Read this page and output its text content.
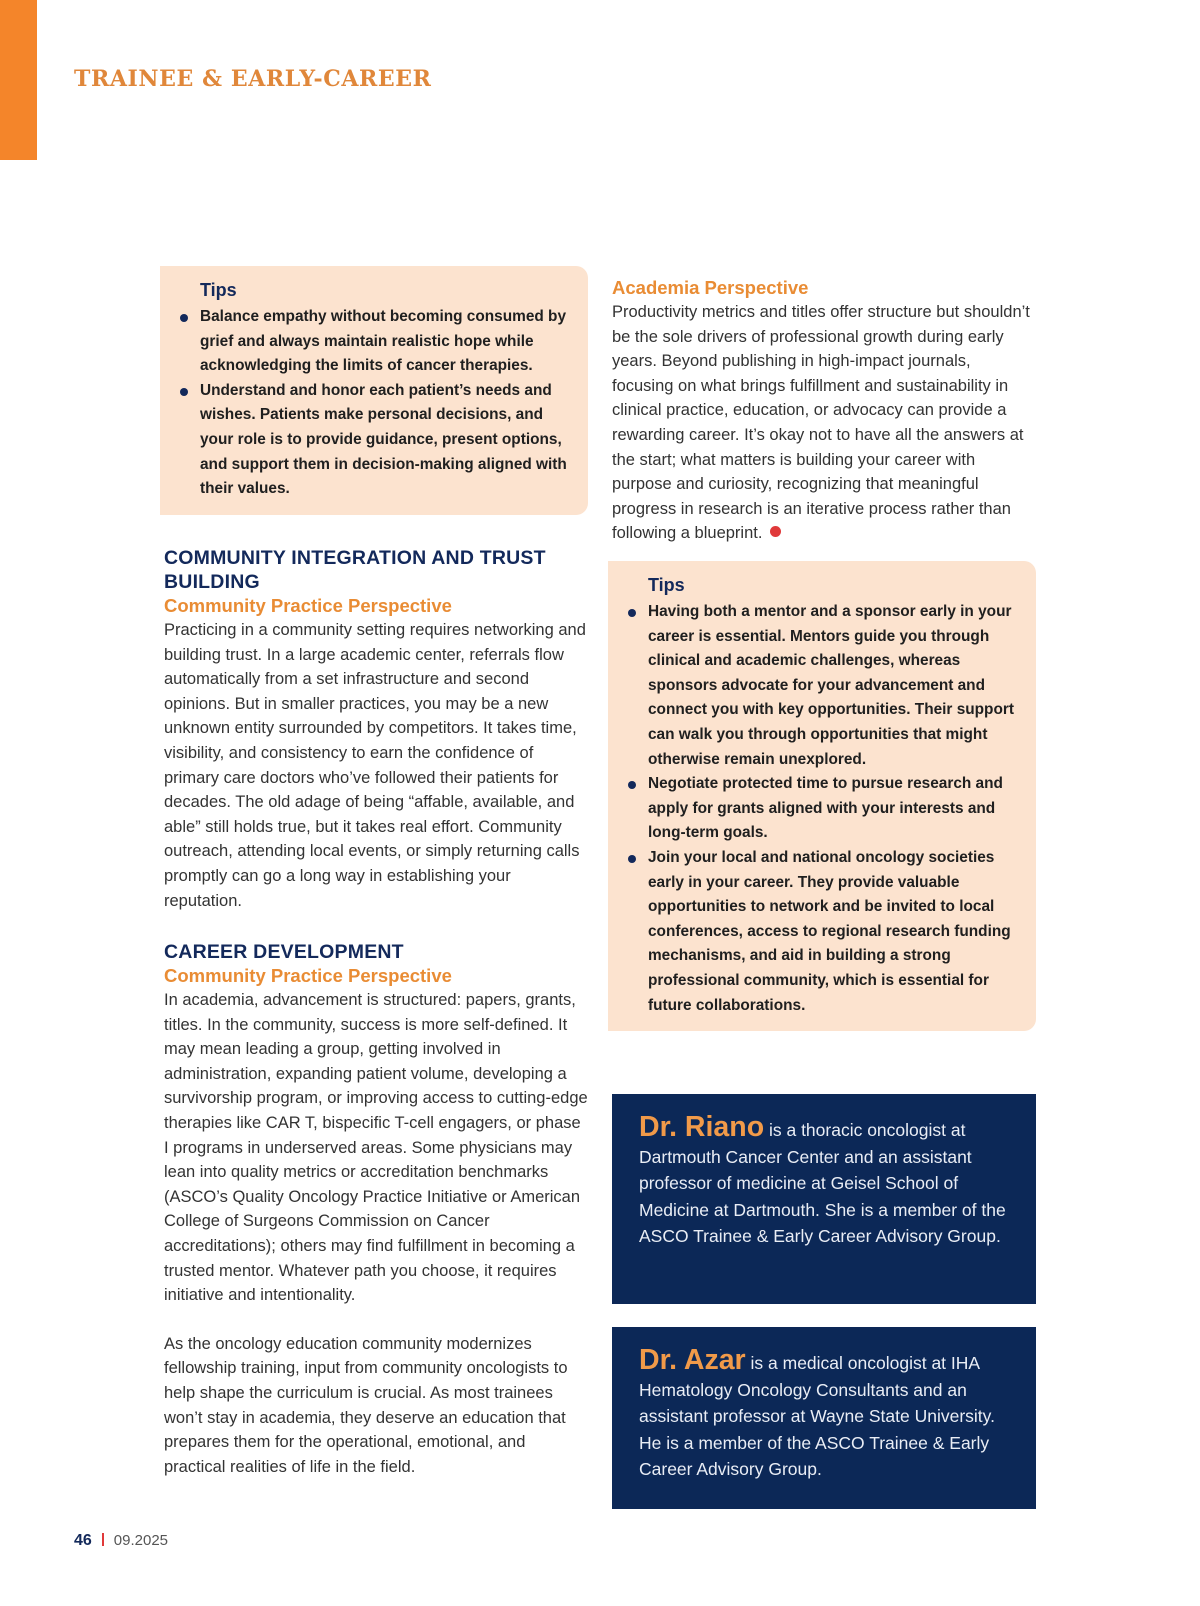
TRAINEE & EARLY-CAREER
Tips
Balance empathy without becoming consumed by grief and always maintain realistic hope while acknowledging the limits of cancer therapies.
Understand and honor each patient’s needs and wishes. Patients make personal decisions, and your role is to provide guidance, present options, and support them in decision-making aligned with their values.
COMMUNITY INTEGRATION AND TRUST BUILDING
Community Practice Perspective

Practicing in a community setting requires networking and building trust. In a large academic center, referrals flow automatically from a set infrastructure and second opinions. But in smaller practices, you may be a new unknown entity surrounded by competitors. It takes time, visibility, and consistency to earn the confidence of primary care doctors who’ve followed their patients for decades. The old adage of being “affable, available, and able” still holds true, but it takes real effort. Community outreach, attending local events, or simply returning calls promptly can go a long way in establishing your reputation.

CAREER DEVELOPMENT
Community Practice Perspective

In academia, advancement is structured: papers, grants, titles. In the community, success is more self-defined. It may mean leading a group, getting involved in administration, expanding patient volume, developing a survivorship program, or improving access to cutting-edge therapies like CAR T, bispecific T-cell engagers, or phase I programs in underserved areas. Some physicians may lean into quality metrics or accreditation benchmarks (ASCO’s Quality Oncology Practice Initiative or American College of Surgeons Commission on Cancer accreditations); others may find fulfillment in becoming a trusted mentor. Whatever path you choose, it requires initiative and intentionality.

As the oncology education community modernizes fellowship training, input from community oncologists to help shape the curriculum is crucial. As most trainees won’t stay in academia, they deserve an education that prepares them for the operational, emotional, and practical realities of life in the field.

Academia Perspective

Productivity metrics and titles offer structure but shouldn’t be the sole drivers of professional growth during early years. Beyond publishing in high-impact journals, focusing on what brings fulfillment and sustainability in clinical practice, education, or advocacy can provide a rewarding career. It’s okay not to have all the answers at the start; what matters is building your career with purpose and curiosity, recognizing that meaningful progress in research is an iterative process rather than following a blueprint.

Tips
Having both a mentor and a sponsor early in your career is essential. Mentors guide you through clinical and academic challenges, whereas sponsors advocate for your advancement and connect you with key opportunities. Their support can walk you through opportunities that might otherwise remain unexplored.
Negotiate protected time to pursue research and apply for grants aligned with your interests and long-term goals.
Join your local and national oncology societies early in your career. They provide valuable opportunities to network and be invited to local conferences, access to regional research funding mechanisms, and aid in building a strong professional community, which is essential for future collaborations.
Dr. Riano is a thoracic oncologist at Dartmouth Cancer Center and an assistant professor of medicine at Geisel School of Medicine at Dartmouth. She is a member of the ASCO Trainee & Early Career Advisory Group.
Dr. Azar is a medical oncologist at IHA Hematology Oncology Consultants and an assistant professor at Wayne State University. He is a member of the ASCO Trainee & Early Career Advisory Group.
46 09.2025
